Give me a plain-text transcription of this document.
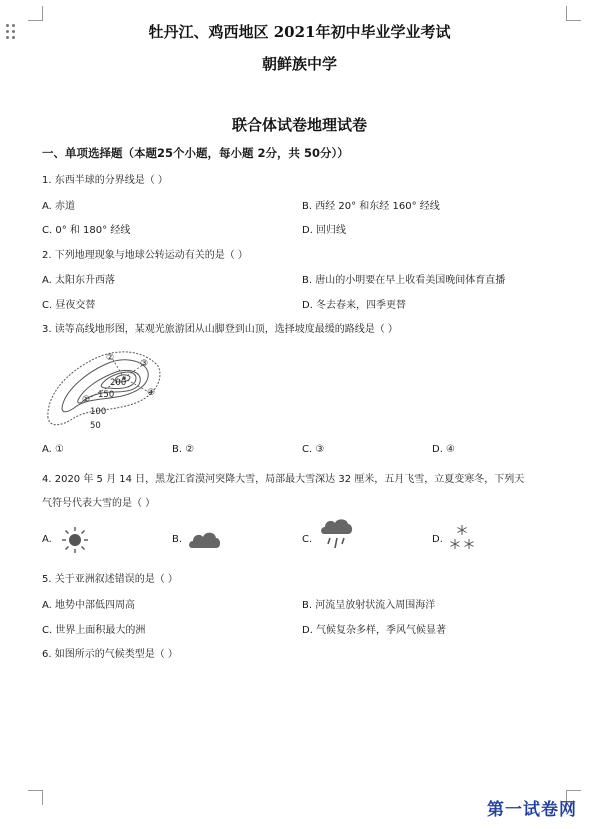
牡丹江、鸡西地区 2021年初中毕业学业考试
朝鲜族中学
联合体试卷地理试卷
一、单项选择题（本题25个小题，每小题 2分，共 50分））
1. 东西半球的分界线是（ ）
A. 赤道	B. 西经 20° 和东经 160° 经线
C. 0° 和 180° 经线	D. 回归线
2. 下列地理现象与地球公转运动有关的是（ ）
A. 太阳东升西落	B. 唐山的小明要在早上收看美国晚间体育直播
C. 昼夜交替	D. 冬去春来，四季更替
3. 读等高线地形图，某观光旅游团从山脚登到山顶，选择坡度最缓的路线是（ ）
①
②
③
④
200
150
100
50
A. ①	B. ②	C. ③	D. ④
4. 2020 年 5 月 14 日，黑龙江省漠河突降大雪，局部最大雪深达 32 厘米，五月飞雪，立夏变寒冬，下列天
气符号代表大雪的是（ ）
A.	B.	C.	D.
5. 关于亚洲叙述错误的是（ ）
A. 地势中部低四周高	B. 河流呈放射状流入周围海洋
C. 世界上面积最大的洲	D. 气候复杂多样，季风气候显著
6. 如图所示的气候类型是（ ）
第一试卷网
